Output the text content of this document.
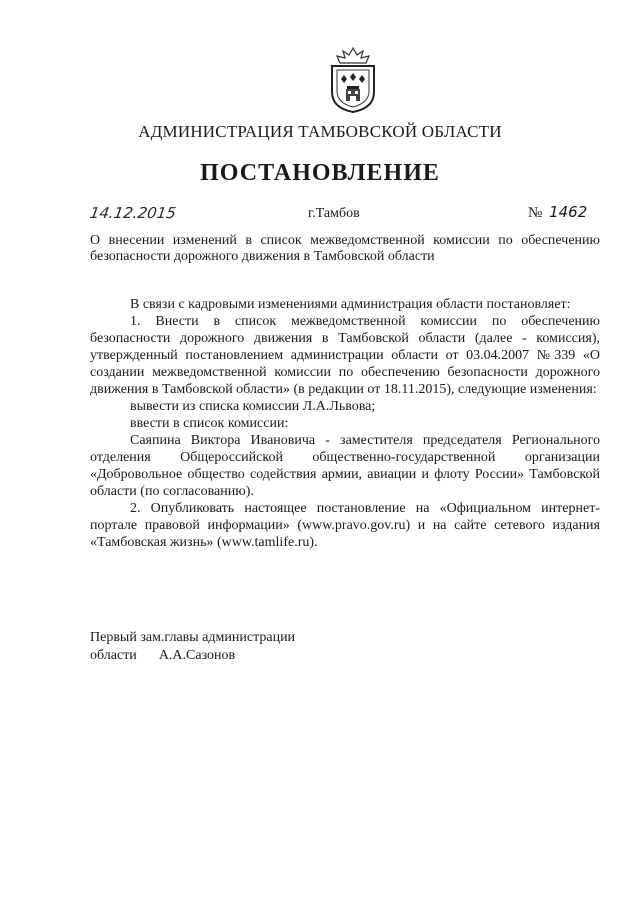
АДМИНИСТРАЦИЯ ТАМБОВСКОЙ ОБЛАСТИ
ПОСТАНОВЛЕНИЕ
14.12.2015	г.Тамбов	№ 1462
О внесении изменений в список межведомственной комиссии по обеспечению безопасности дорожного движения в Тамбовской области

В связи с кадровыми изменениями администрация области постановляет:

1. Внести в список межведомственной комиссии по обеспечению безопасности дорожного движения в Тамбовской области (далее - комиссия), утвержденный постановлением администрации области от 03.04.2007 №339 «О создании межведомственной комиссии по обеспечению безопасности дорожного движения в Тамбовской области» (в редакции от 18.11.2015), следующие изменения:

вывести из списка комиссии Л.А.Львова;

ввести в список комиссии:

Саяпина Виктора Ивановича - заместителя председателя Регионального отделения Общероссийской общественно-государственной организации «Добровольное общество содействия армии, авиации и флоту России» Тамбовской области (по согласованию).

2. Опубликовать настоящее постановление на «Официальном интернет-портале правовой информации» (www.pravo.gov.ru) и на сайте сетевого издания «Тамбовская жизнь» (www.tamlife.ru).

Первый зам.главы администрации
области А.А.Сазонов
